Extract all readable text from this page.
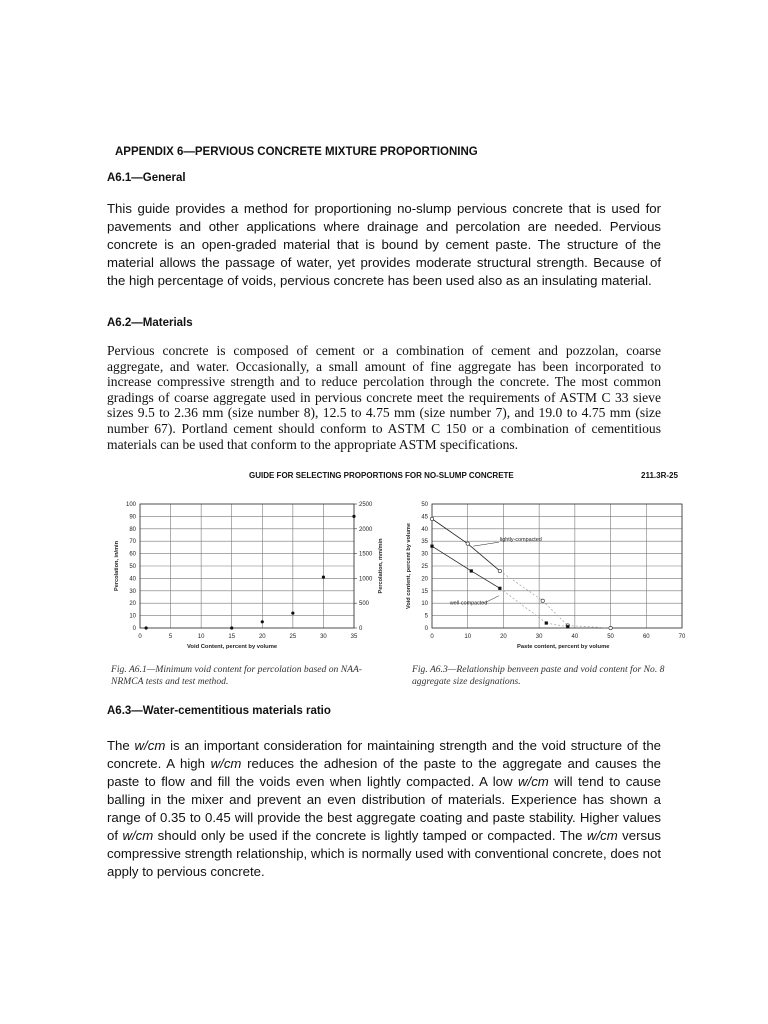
APPENDIX 6—PERVIOUS CONCRETE MIXTURE PROPORTIONING
A6.1—General
This guide provides a method for proportioning no-slump pervious concrete that is used for pavements and other applications where drainage and percolation are needed. Pervious concrete is an open-graded material that is bound by cement paste. The structure of the material allows the passage of water, yet provides moderate structural strength. Because of the high percentage of voids, pervious concrete has been used also as an insulating material.
A6.2—Materials
Pervious concrete is composed of cement or a combination of cement and pozzolan, coarse aggregate, and water. Occasionally, a small amount of fine aggregate has been incorporated to increase compressive strength and to reduce percolation through the concrete. The most common gradings of coarse aggregate used in pervious concrete meet the requirements of ASTM C 33 sieve sizes 9.5 to 2.36 mm (size number 8), 12.5 to 4.75 mm (size number 7), and 19.0 to 4.75 mm (size number 67). Portland cement should conform to ASTM C 150 or a combination of cementitious materials can be used that conform to the appropriate ASTM specifications.
GUIDE FOR SELECTING PROPORTIONS FOR NO-SLUMP CONCRETE	211.3R-25
0	5	10	15	20	25	30	35
0
10
20
30
40
50
60
70
80
90
100
0
500
1000
1500
2000
2500
Percolation, mm/min
Void Content, percent by volume
Percolation, in/min
0	10	20	30	40	50	60	70
0
5
10
15
20
25
30
35
40
45
50
Paste content, percent by volume
Void content, percent by volume	lightly-compacted
well-compacted
Fig. A6.1—Minimum void content for percolation based on NAA-NRMCA tests and test method.
Fig. A6.3—Relationship benveen paste and void content for No. 8 aggregate size designations.
A6.3—Water-cementitious materials ratio
The w/cm is an important consideration for maintaining strength and the void structure of the concrete. A high w/cm reduces the adhesion of the paste to the aggregate and causes the paste to flow and fill the voids even when lightly compacted. A low w/cm will tend to cause balling in the mixer and prevent an even distribution of materials. Experience has shown a range of 0.35 to 0.45 will provide the best aggregate coating and paste stability. Higher values of w/cm should only be used if the concrete is lightly tamped or compacted. The w/cm versus compressive strength relationship, which is normally used with conventional concrete, does not apply to pervious concrete.
